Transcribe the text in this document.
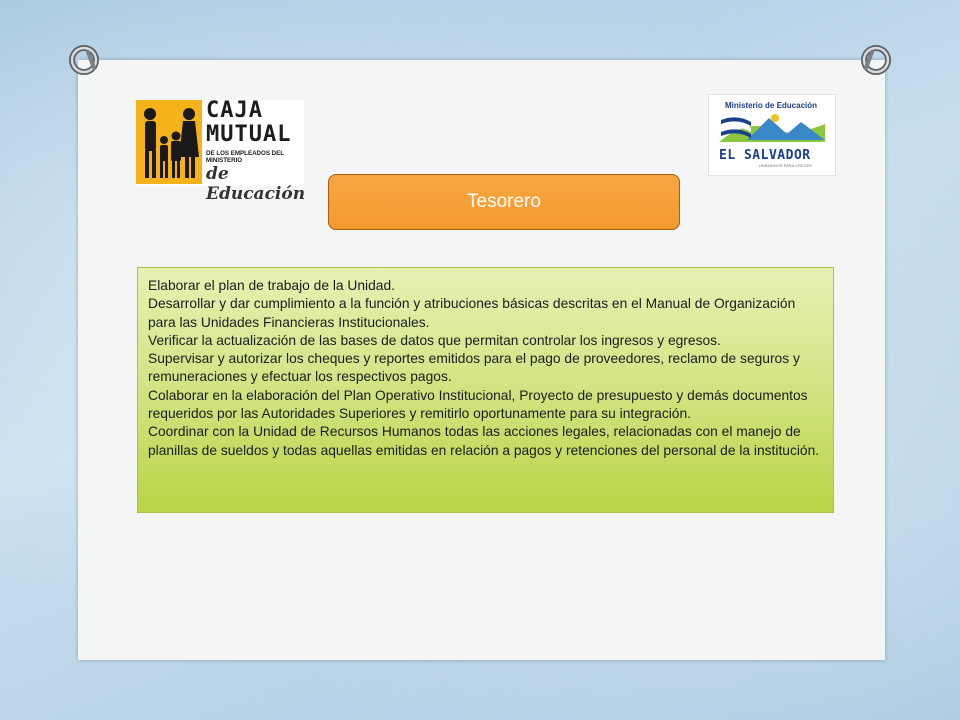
CAJA
MUTUAL
DE LOS EMPLEADOS DEL MINISTERIO
de Educación
Ministerio de Educación
EL SALVADOR
UNÁMONOS PARA CRECER
Tesorero

Elaborar el plan de trabajo de la Unidad.

Desarrollar y dar cumplimiento a la función y atribuciones básicas descritas en el Manual de Organización para las Unidades Financieras Institucionales.

Verificar la actualización de las bases de datos que permitan controlar los ingresos y egresos.

Supervisar y autorizar los cheques y reportes emitidos para el pago de proveedores, reclamo de seguros y remuneraciones y efectuar los respectivos pagos.

Colaborar en la elaboración del Plan Operativo Institucional, Proyecto de presupuesto y demás documentos requeridos por las Autoridades Superiores y remitirlo oportunamente para su integración.

Coordinar con la Unidad de Recursos Humanos todas las acciones legales, relacionadas con el manejo de planillas de sueldos y todas aquellas emitidas en relación a pagos y retenciones del personal de la institución.
